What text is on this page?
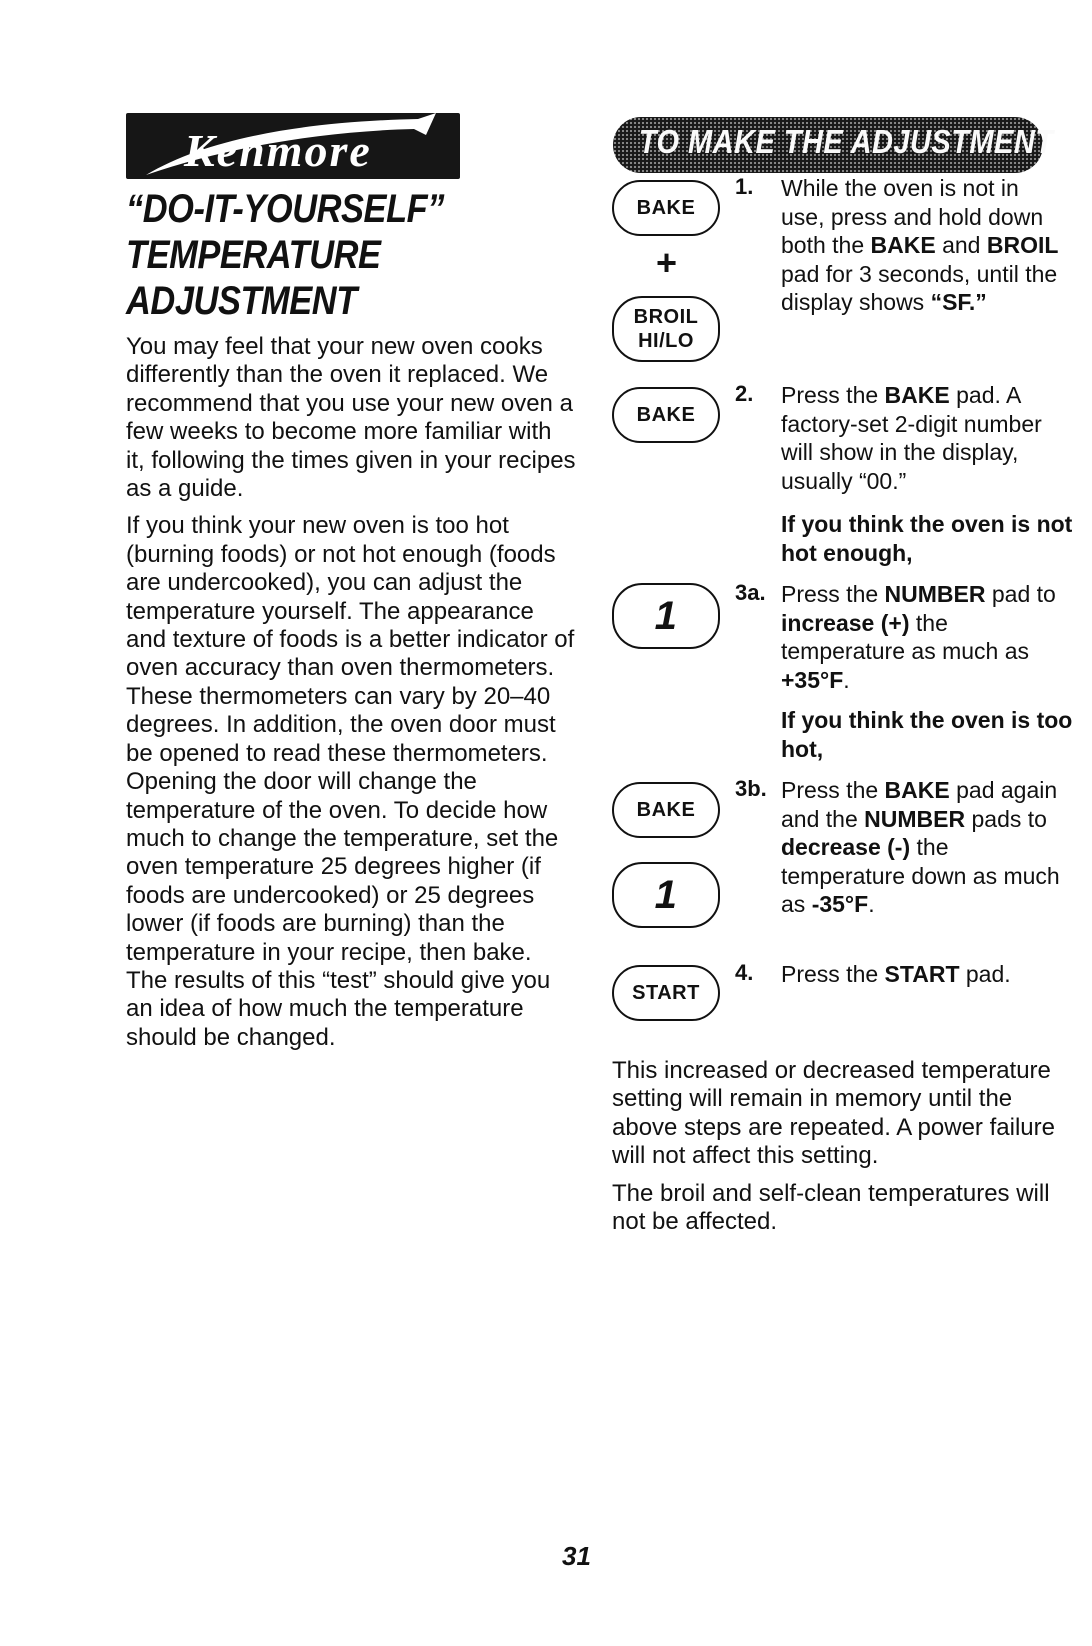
Kenmore
“DO-IT-YOURSELF”
TEMPERATURE
ADJUSTMENT

You may feel that your new oven cooks differently than the oven it replaced. We recommend that you use your new oven a few weeks to become more familiar with it, following the times given in your recipes as a guide.

If you think your new oven is too hot (burning foods) or not hot enough (foods are undercooked), you can adjust the temperature yourself. The appearance and texture of foods is a better indicator of oven accuracy than oven thermometers. These thermometers can vary by 20–40 degrees. In addition, the oven door must be opened to read these thermometers. Opening the door will change the temperature of the oven. To decide how much to change the temperature, set the oven temperature 25 degrees higher (if foods are undercooked) or 25 degrees lower (if foods are burning) than the temperature in your recipe, then bake. The results of this “test” should give you an idea of how much the temperature should be changed.

TO MAKE THE ADJUSTMENT
BAKE
+
BROIL
HI/LO
1. While the oven is not in use, press and hold down both the BAKE and BROIL pad for 3 seconds, until the display shows “SF.”
BAKE
2. Press the BAKE pad. A factory-set 2-digit number will show in the display, usually “00.”
If you think the oven is not hot enough,
1
3a. Press the NUMBER pad to increase (+) the temperature as much as +35°F.
If you think the oven is too hot,
BAKE
1
3b. Press the BAKE pad again and the NUMBER pads to decrease (-) the temperature down as much as -35°F.
START
4. Press the START pad.

This increased or decreased temperature setting will remain in memory until the above steps are repeated. A power failure will not affect this setting.

The broil and self-clean temperatures will not be affected.

31
